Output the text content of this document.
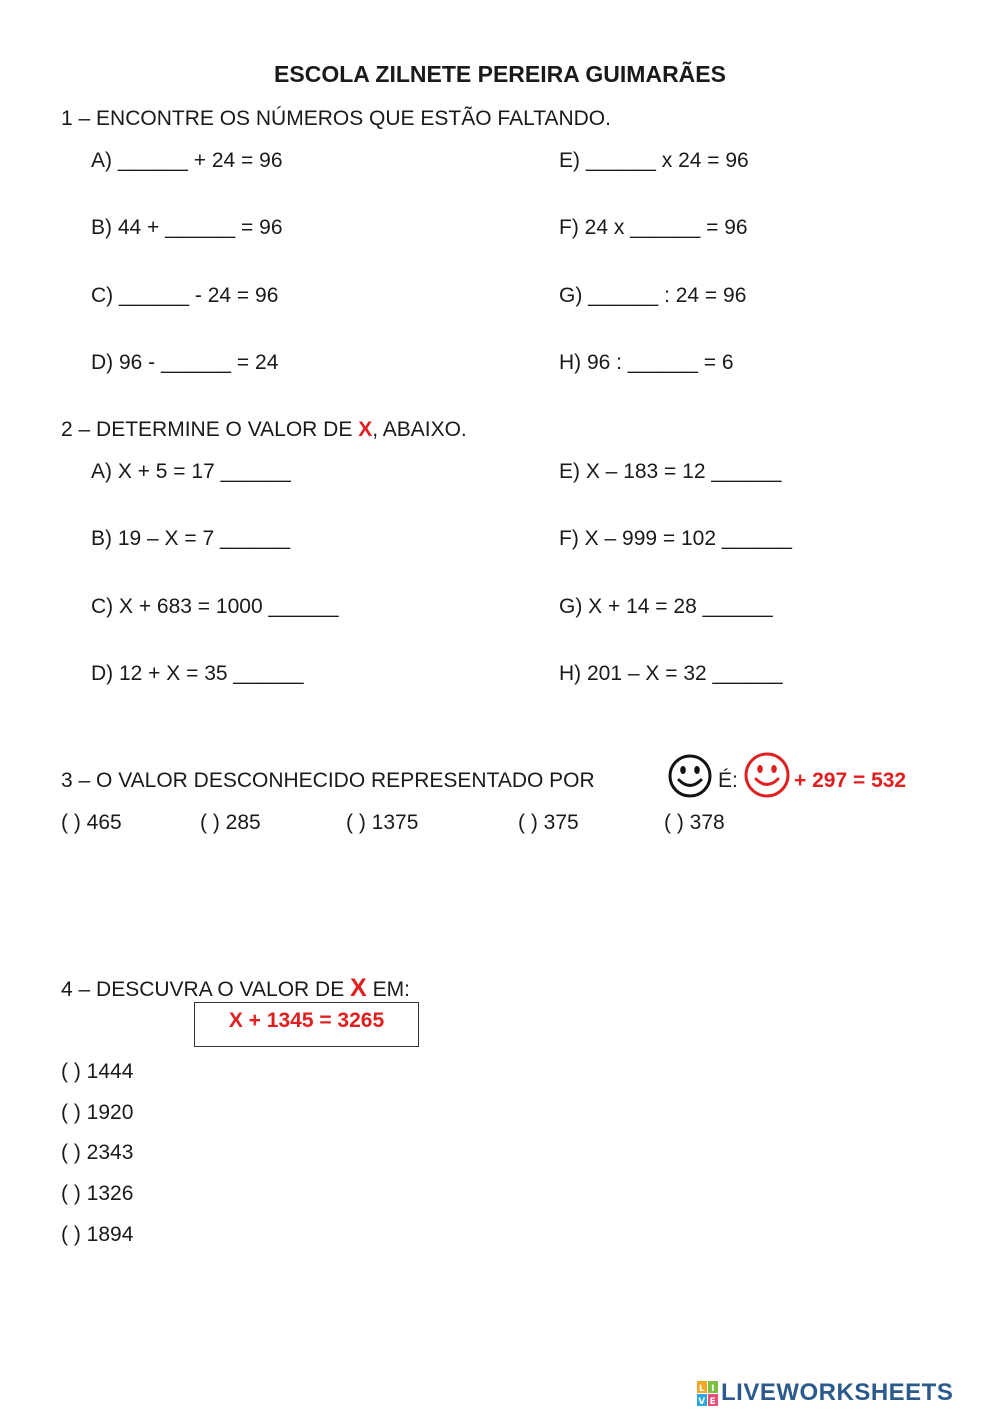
ESCOLA ZILNETE PEREIRA GUIMARÃES
1 – ENCONTRE OS NÚMEROS QUE ESTÃO FALTANDO.
A) ______ + 24 = 96
B) 44 + ______ = 96
C) ______ - 24 = 96
D) 96 - ______ = 24
E) ______ x 24 = 96
F) 24 x ______ = 96
G) ______ : 24 = 96
H) 96 : ______ = 6
2 – DETERMINE O VALOR DE X, ABAIXO.
A) X + 5 = 17 ______
B) 19 – X = 7 ______
C) X + 683 = 1000 ______
D) 12 + X = 35 ______
E) X – 183 = 12 ______
F) X – 999 = 102 ______
G) X + 14 = 28 ______
H) 201 – X = 32 ______
3 – O VALOR DESCONHECIDO REPRESENTADO POR	É:	+ 297 = 532
( ) 465	( ) 285	( ) 1375	( ) 375	( ) 378
4 – DESCUVRA O VALOR DE X EM:
X + 1345 = 3265
( ) 1444
( ) 1920
( ) 2343
( ) 1326
( ) 1894
L I
V E LIVEWORKSHEETS
